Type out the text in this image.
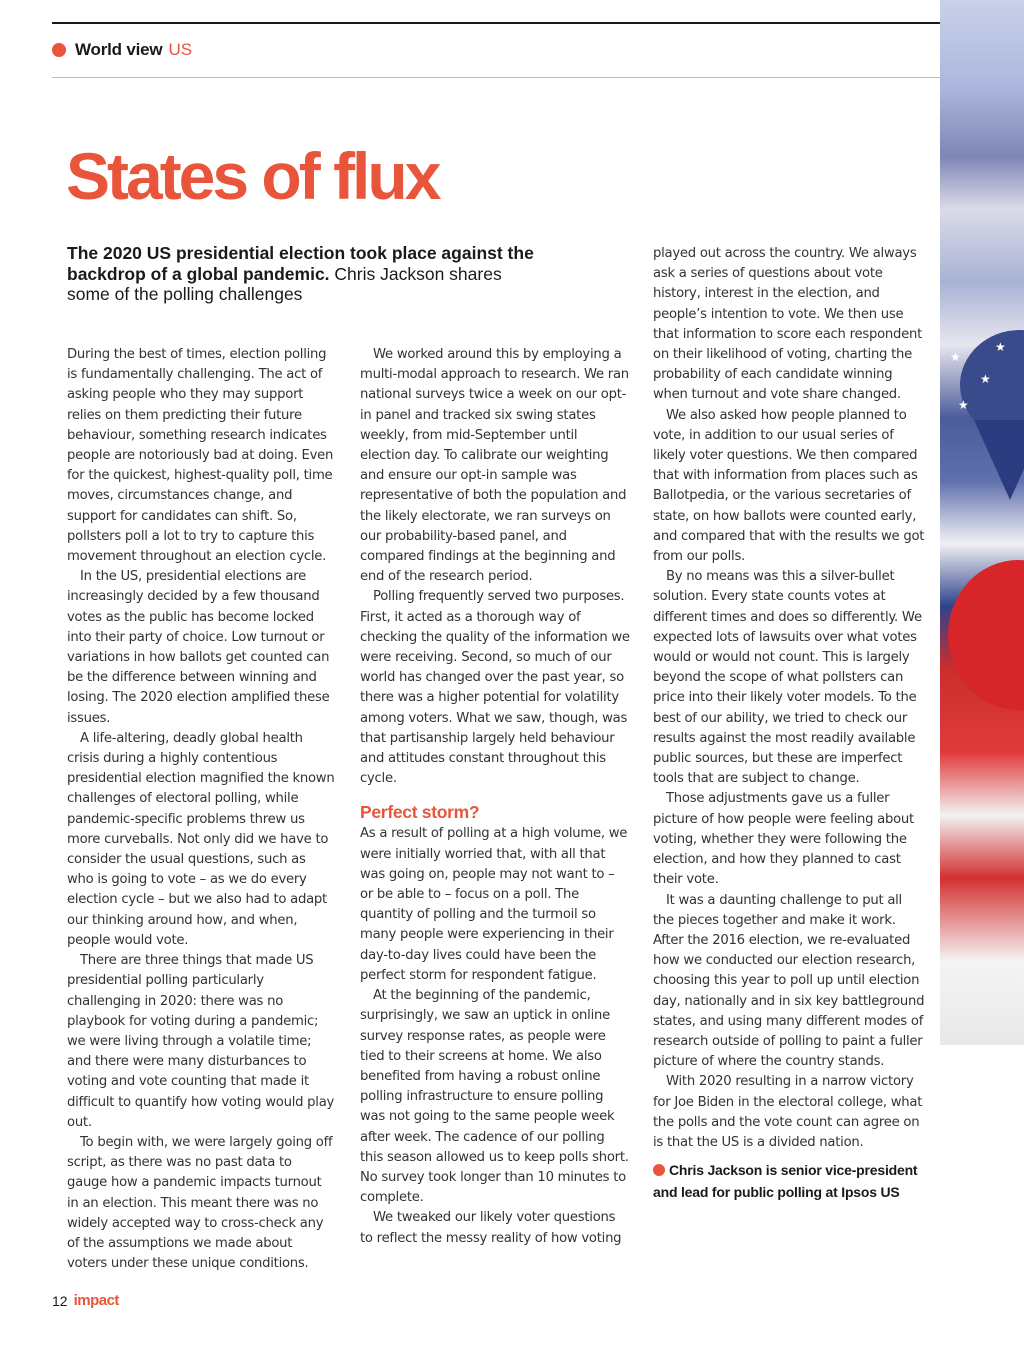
World view US
★
★
★
★
States of flux

The 2020 US presidential election took place against the backdrop of a global pandemic. Chris Jackson shares some of the polling challenges

During the best of times, election polling is fundamentally challenging. The act of asking people who they may support relies on them predicting their future behaviour, something research indicates people are notoriously bad at doing. Even for the quickest, highest-quality poll, time moves, circumstances change, and support for candidates can shift. So, pollsters poll a lot to try to capture this movement throughout an election cycle.

In the US, presidential elections are increasingly decided by a few thousand votes as the public has become locked into their party of choice. Low turnout or variations in how ballots get counted can be the difference between winning and losing. The 2020 election amplified these issues.

A life-altering, deadly global health crisis during a highly contentious presidential election magnified the known challenges of electoral polling, while pandemic-specific problems threw us more curveballs. Not only did we have to consider the usual questions, such as who is going to vote – as we do every election cycle – but we also had to adapt our thinking around how, and when, people would vote.

There are three things that made US presidential polling particularly challenging in 2020: there was no playbook for voting during a pandemic; we were living through a volatile time; and there were many disturbances to voting and vote counting that made it difficult to quantify how voting would play out.

To begin with, we were largely going off script, as there was no past data to gauge how a pandemic impacts turnout in an election. This meant there was no widely accepted way to cross-check any of the assumptions we made about voters under these unique conditions.

We worked around this by employing a multi-modal approach to research. We ran national surveys twice a week on our opt-in panel and tracked six swing states weekly, from mid-September until election day. To calibrate our weighting and ensure our opt-in sample was representative of both the population and the likely electorate, we ran surveys on our probability-based panel, and compared findings at the beginning and end of the research period.

Polling frequently served two purposes. First, it acted as a thorough way of checking the quality of the information we were receiving. Second, so much of our world has changed over the past year, so there was a higher potential for volatility among voters. What we saw, though, was that partisanship largely held behaviour and attitudes constant throughout this cycle.

Perfect storm?

As a result of polling at a high volume, we were initially worried that, with all that was going on, people may not want to – or be able to – focus on a poll. The quantity of polling and the turmoil so many people were experiencing in their day-to-day lives could have been the perfect storm for respondent fatigue.

At the beginning of the pandemic, surprisingly, we saw an uptick in online survey response rates, as people were tied to their screens at home. We also benefited from having a robust online polling infrastructure to ensure polling was not going to the same people week after week. The cadence of our polling this season allowed us to keep polls short. No survey took longer than 10 minutes to complete.

We tweaked our likely voter questions to reflect the messy reality of how voting

played out across the country. We always ask a series of questions about vote history, interest in the election, and people’s intention to vote. We then use that information to score each respondent on their likelihood of voting, charting the probability of each candidate winning when turnout and vote share changed.

We also asked how people planned to vote, in addition to our usual series of likely voter questions. We then compared that with information from places such as Ballotpedia, or the various secretaries of state, on how ballots were counted early, and compared that with the results we got from our polls.

By no means was this a silver-bullet solution. Every state counts votes at different times and does so differently. We expected lots of lawsuits over what votes would or would not count. This is largely beyond the scope of what pollsters can price into their likely voter models. To the best of our ability, we tried to check our results against the most readily available public sources, but these are imperfect tools that are subject to change.

Those adjustments gave us a fuller picture of how people were feeling about voting, whether they were following the election, and how they planned to cast their vote.

It was a daunting challenge to put all the pieces together and make it work. After the 2016 election, we re-evaluated how we conducted our election research, choosing this year to poll up until election day, nationally and in six key battleground states, and using many different modes of research outside of polling to paint a fuller picture of where the country stands.

With 2020 resulting in a narrow victory for Joe Biden in the electoral college, what the polls and the vote count can agree on is that the US is a divided nation.

Chris Jackson is senior vice-president and lead for public polling at Ipsos US
12 impact
